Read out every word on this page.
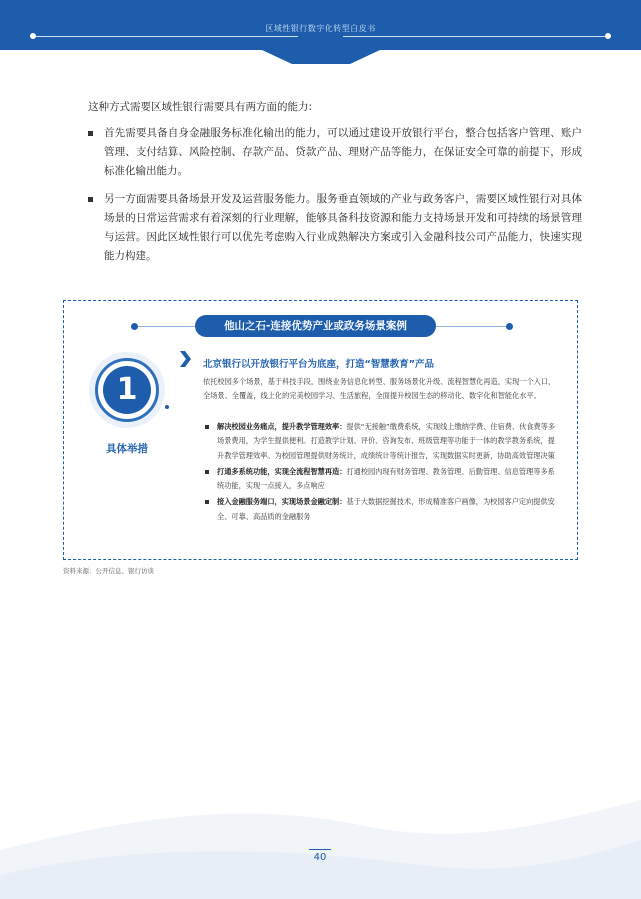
区域性银行数字化转型白皮书
这种方式需要区域性银行需要具有两方面的能力:
首先需要具备自身金融服务标准化输出的能力，可以通过建设开放银行平台，整合包括客户管理、账户管理、支付结算、风险控制、存款产品、贷款产品、理财产品等能力，在保证安全可靠的前提下，形成标准化输出能力。
另一方面需要具备场景开发及运营服务能力。服务垂直领域的产业与政务客户，需要区域性银行对具体场景的日常运营需求有着深刻的行业理解，能够具备科技资源和能力支持场景开发和可持续的场景管理与运营。因此区域性银行可以优先考虑购入行业成熟解决方案或引入金融科技公司产品能力，快速实现能力构建。
他山之石-连接优势产业或政务场景案例
1
具体举措
北京银行以开放银行平台为底座，打造“智慧教育”产品
依托校园多个场景，基于科技手段，围绕业务信息化转型、服务场景化升级、流程智慧化再造，实现一个入口，全场景、全覆盖，线上化的完美校园学习、生活旅程，全面提升校园生态的移动化、数字化和智能化水平。
解决校园业务痛点，提升教学管理效率：提供“无接触”缴费系统，实现线上缴纳学费、住宿费、伙食费等多场景费用，为学生提供便利。打造教学计划、评价、咨询发布、班级管理等功能于一体的教学教务系统，提升教学管理效率。为校园管理提供财务统计，成绩统计等统计报告，实现数据实时更新，协助高效管理决策
打通多系统功能，实现全流程智慧再造：打通校园内现有财务管理、教务管理、后勤管理、信息管理等多系统功能，实现一点接入，多点响应
接入金融服务端口，实现场景金融定制：基于大数据挖掘技术，形成精准客户画像，为校园客户定向提供安全、可靠、高品质的金融服务
资料来源：公开信息、银行访谈
40
